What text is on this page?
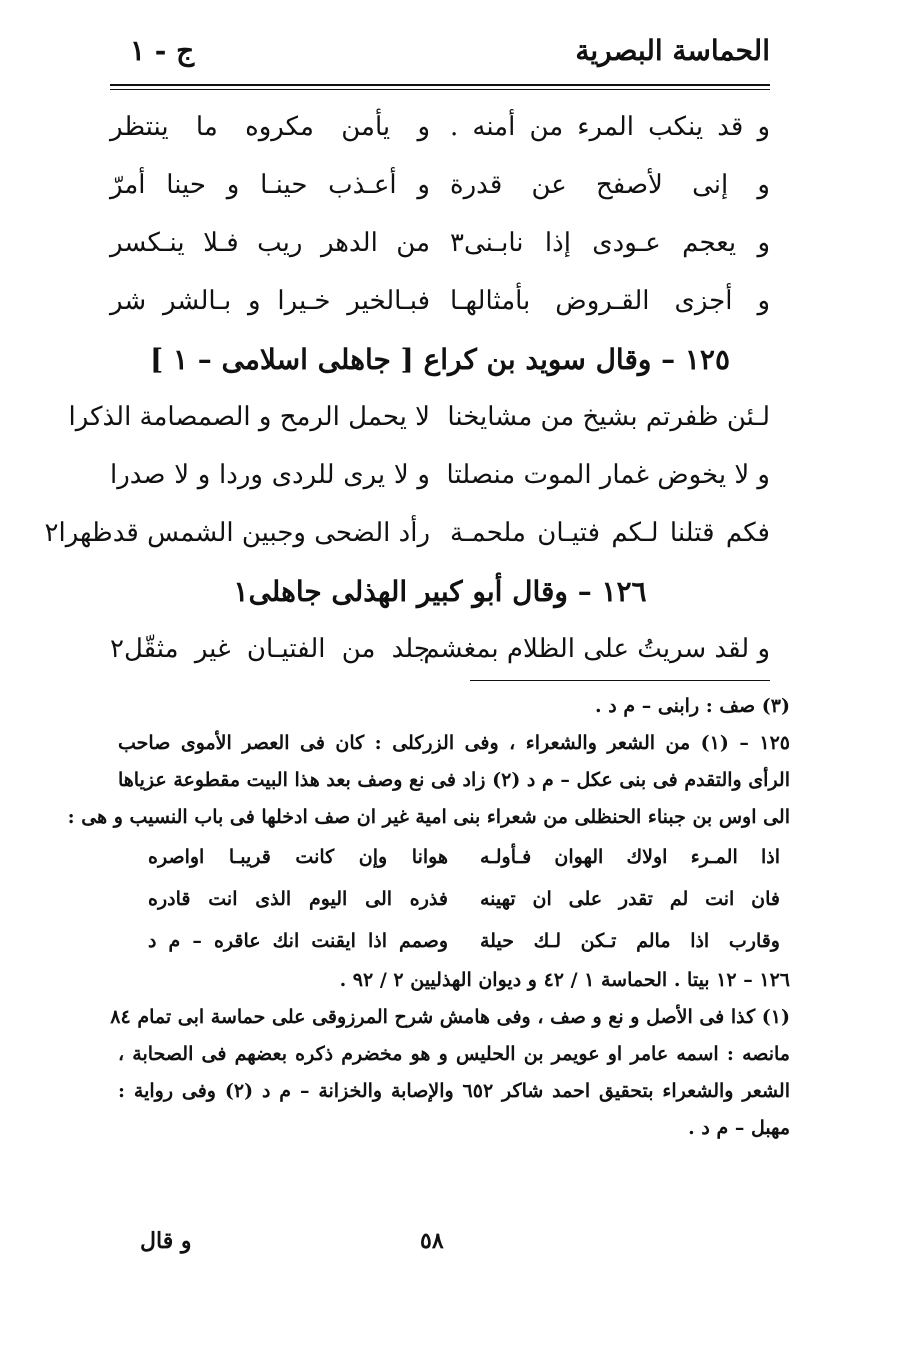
الحماسة البصرية
ج - ١
و قد ينكب المرء من أمنه .
و يأمن مكروه ما ينتظر
و إنى لأصفح عن قدرة
و أعـذب حينـا و حينا أمرّ
و يعجم عـودى إذا نابـنى٣
من الدهر ريب فـلا ينـكسر
و أجزى القـروض بأمثالهـا
فبـالخير خـيرا و بـالشر شر
١٢٥ – وقال سويد بن كراع [ جاهلى اسلامى – ١ ]
لـئن ظفرتم بشيخ من مشايخنا
لا يحمل الرمح و الصمصامة الذكرا
و لا يخوض غمار الموت منصلتا
و لا يرى للردى وردا و لا صدرا
فكم قتلنا لـكم فتيـان ملحمـة
رأد الضحى وجبين الشمس قدظهرا٢
١٢٦ – وقال أبو كبير الهذلى جاهلى١
و لقد سريتُ على الظلام بمغشم
جلد من الفتيـان غير مثقّل٢
(٣) صف : رابنى – م د .
١٢٥ – (١) من الشعر والشعراء ، وفى الزركلى : كان فى العصر الأموى صاحب
الرأى والتقدم فى بنى عكل – م د (٢) زاد فى نع وصف بعد هذا البيت مقطوعة عزياها
الى اوس بن جبناء الحنظلى من شعراء بنى امية غير ان صف ادخلها فى باب النسيب و هى :
اذا المـرء اولاك الهوان فـأولـه
هوانا وإن كانت قريبـا اواصره
فان انت لم تقدر على ان تهينه
فذره الى اليوم الذى انت قادره
وقارب اذا مالم تـكن لـك حيلة
وصمم اذا ايقنت انك عاقره – م د
١٢٦ – ١٢ بيتا . الحماسة ١ / ٤٢ و ديوان الهذليين ٢ / ٩٢ .
(١) كذا فى الأصل و نع و صف ، وفى هامش شرح المرزوقى على حماسة ابى تمام ٨٤
مانصه : اسمه عامر او عويمر بن الحليس و هو مخضرم ذكره بعضهم فى الصحابة ،
الشعر والشعراء بتحقيق احمد شاكر ٦٥٢ والإصابة والخزانة – م د (٢) وفى رواية :
مهبل – م د .
٥٨
و قال
